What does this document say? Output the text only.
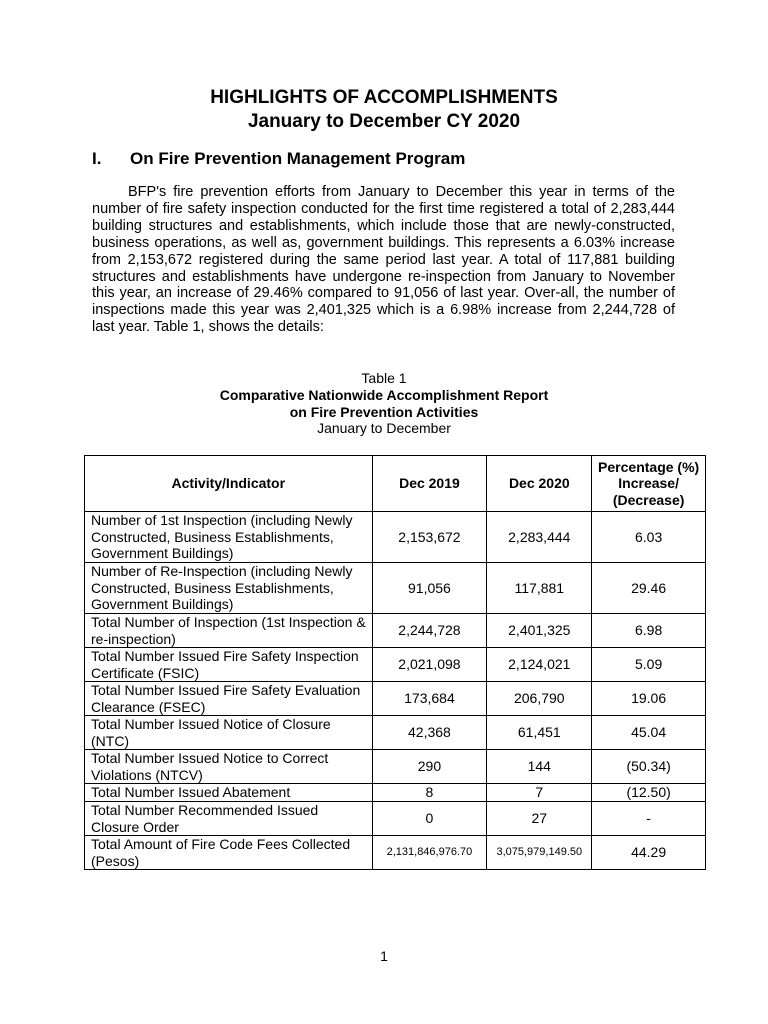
HIGHLIGHTS OF ACCOMPLISHMENTS
January to December CY 2020
I. On Fire Prevention Management Program
BFP's fire prevention efforts from January to December this year in terms of the number of fire safety inspection conducted for the first time registered a total of 2,283,444 building structures and establishments, which include those that are newly-constructed, business operations, as well as, government buildings. This represents a 6.03% increase from 2,153,672 registered during the same period last year. A total of 117,881 building structures and establishments have undergone re-inspection from January to November this year, an increase of 29.46% compared to 91,056 of last year. Over-all, the number of inspections made this year was 2,401,325 which is a 6.98% increase from 2,244,728 of last year. Table 1, shows the details:
Table 1
Comparative Nationwide Accomplishment Report
on Fire Prevention Activities
January to December
Activity/Indicator	Dec 2019	Dec 2020	Percentage (%) Increase/ (Decrease)
Number of 1st Inspection (including Newly Constructed, Business Establishments, Government Buildings)	2,153,672	2,283,444	6.03
Number of Re-Inspection (including Newly Constructed, Business Establishments, Government Buildings)	91,056	117,881	29.46
Total Number of Inspection (1st Inspection & re-inspection)	2,244,728	2,401,325	6.98
Total Number Issued Fire Safety Inspection Certificate (FSIC)	2,021,098	2,124,021	5.09
Total Number Issued Fire Safety Evaluation Clearance (FSEC)	173,684	206,790	19.06
Total Number Issued Notice of Closure (NTC)	42,368	61,451	45.04
Total Number Issued Notice to Correct Violations (NTCV)	290	144	(50.34)
Total Number Issued Abatement	8	7	(12.50)
Total Number Recommended Issued Closure Order	0	27	-
Total Amount of Fire Code Fees Collected (Pesos)	2,131,846,976.70	3,075,979,149.50	44.29
1
